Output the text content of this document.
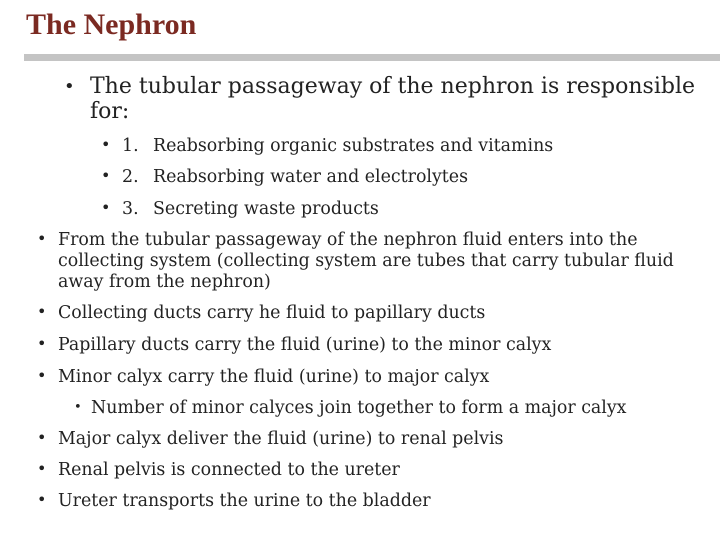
The Nephron
• The tubular passageway of the nephron is responsible
for:
• 1. Reabsorbing organic substrates and vitamins
• 2. Reabsorbing water and electrolytes
• 3. Secreting waste products
• From the tubular passageway of the nephron fluid enters into the
collecting system (collecting system are tubes that carry tubular fluid
away from the nephron)
• Collecting ducts carry he fluid to papillary ducts
• Papillary ducts carry the fluid (urine) to the minor calyx
• Minor calyx carry the fluid (urine) to major calyx
• Number of minor calyces join together to form a major calyx
• Major calyx deliver the fluid (urine) to renal pelvis
• Renal pelvis is connected to the ureter
• Ureter transports the urine to the bladder
